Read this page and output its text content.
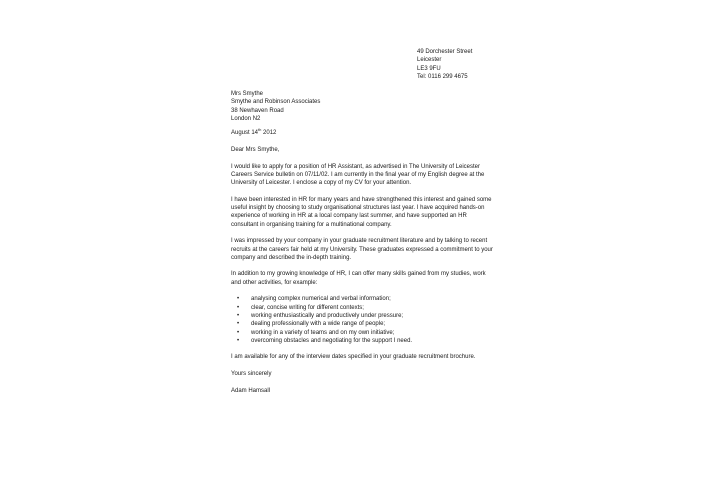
49 Dorchester Street
Leicester
LE3 9FU
Tel: 0116 299 4675
Mrs Smythe
Smythe and Robinson Associates
38 Newhaven Road
London N2
August 14th 2012

Dear Mrs Smythe,

I would like to apply for a position of HR Assistant, as advertised in The University of Leicester Careers Service bulletin on 07/11/02. I am currently in the final year of my English degree at the University of Leicester. I enclose a copy of my CV for your attention.

I have been interested in HR for many years and have strengthened this interest and gained some useful insight by choosing to study organisational structures last year. I have acquired hands-on experience of working in HR at a local company last summer, and have supported an HR consultant in organising training for a multinational company.

I was impressed by your company in your graduate recruitment literature and by talking to recent recruits at the careers fair held at my University. These graduates expressed a commitment to your company and described the in-depth training.

In addition to my growing knowledge of HR, I can offer many skills gained from my studies, work and other activities, for example:

• analysing complex numerical and verbal information;
• clear, concise writing for different contexts;
• working enthusiastically and productively under pressure;
• dealing professionally with a wide range of people;
• working in a variety of teams and on my own initiative;
• overcoming obstacles and negotiating for the support I need.

I am available for any of the interview dates specified in your graduate recruitment brochure.

Yours sincerely

Adam Hamsall
